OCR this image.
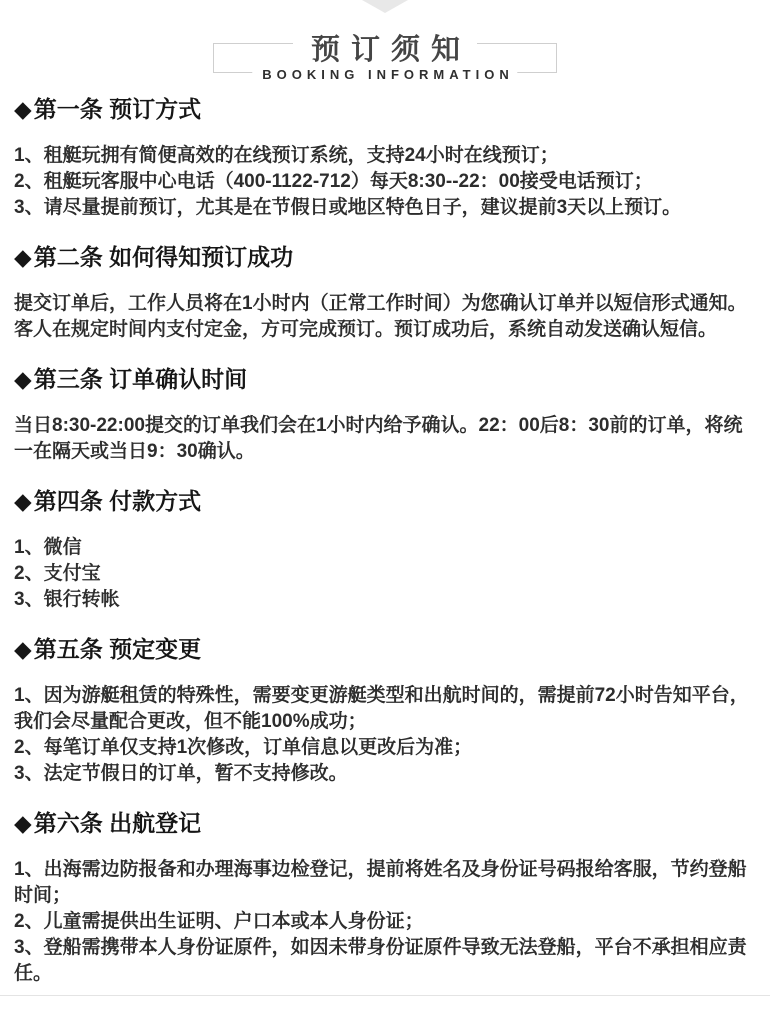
预订须知
BOOKING INFORMATION
◆第一条 预订方式

1、租艇玩拥有简便高效的在线预订系统，支持24小时在线预订；

2、租艇玩客服中心电话（400-1122-712）每天8:30--22：00接受电话预订；

3、请尽量提前预订，尤其是在节假日或地区特色日子，建议提前3天以上预订。

◆第二条 如何得知预订成功

提交订单后，工作人员将在1小时内（正常工作时间）为您确认订单并以短信形式通知。客人在规定时间内支付定金，方可完成预订。预订成功后，系统自动发送确认短信。

◆第三条 订单确认时间

当日8:30-22:00提交的订单我们会在1小时内给予确认。22：00后8：30前的订单，将统一在隔天或当日9：30确认。

◆第四条 付款方式

1、微信

2、支付宝

3、银行转帐

◆第五条 预定变更

1、因为游艇租赁的特殊性，需要变更游艇类型和出航时间的，需提前72小时告知平台，我们会尽量配合更改，但不能100%成功；

2、每笔订单仅支持1次修改，订单信息以更改后为准；

3、法定节假日的订单，暂不支持修改。

◆第六条 出航登记

1、出海需边防报备和办理海事边检登记，提前将姓名及身份证号码报给客服，节约登船时间；

2、儿童需提供出生证明、户口本或本人身份证；

3、登船需携带本人身份证原件，如因未带身份证原件导致无法登船，平台不承担相应责任。
